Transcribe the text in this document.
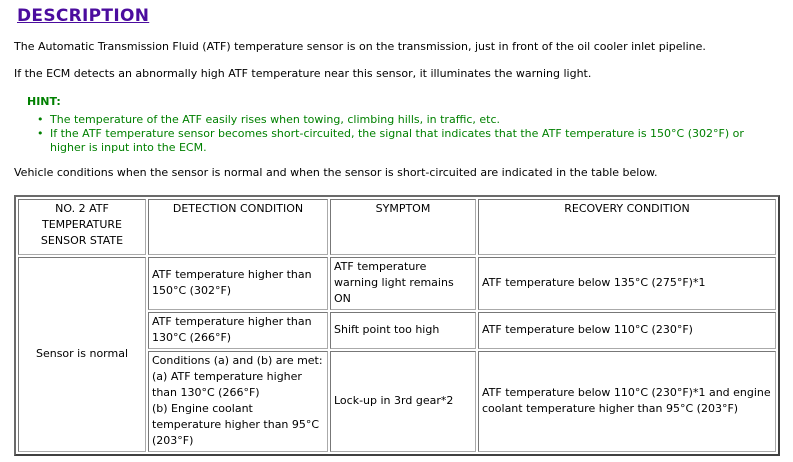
DESCRIPTION
The Automatic Transmission Fluid (ATF) temperature sensor is on the transmission, just in front of the oil cooler inlet pipeline.
If the ECM detects an abnormally high ATF temperature near this sensor, it illuminates the warning light.
HINT:
• The temperature of the ATF easily rises when towing, climbing hills, in traffic, etc.
• If the ATF temperature sensor becomes short-circuited, the signal that indicates that the ATF temperature is 150°C (302°F) or higher is input into the ECM.
Vehicle conditions when the sensor is normal and when the sensor is short-circuited are indicated in the table below.
NO. 2 ATF
TEMPERATURE
SENSOR STATE	DETECTION CONDITION	SYMPTOM	RECOVERY CONDITION
Sensor is normal	ATF temperature higher than 150°C (302°F)	ATF temperature warning light remains ON	ATF temperature below 135°C (275°F)*1
	ATF temperature higher than 130°C (266°F)	Shift point too high	ATF temperature below 110°C (230°F)

	Conditions (a) and (b) are met:
(a) ATF temperature higher than 130°C (266°F)
(b) Engine coolant temperature higher than 95°C (203°F)	Lock-up in 3rd gear*2	ATF temperature below 110°C (230°F)*1 and engine coolant temperature higher than 95°C (203°F)
